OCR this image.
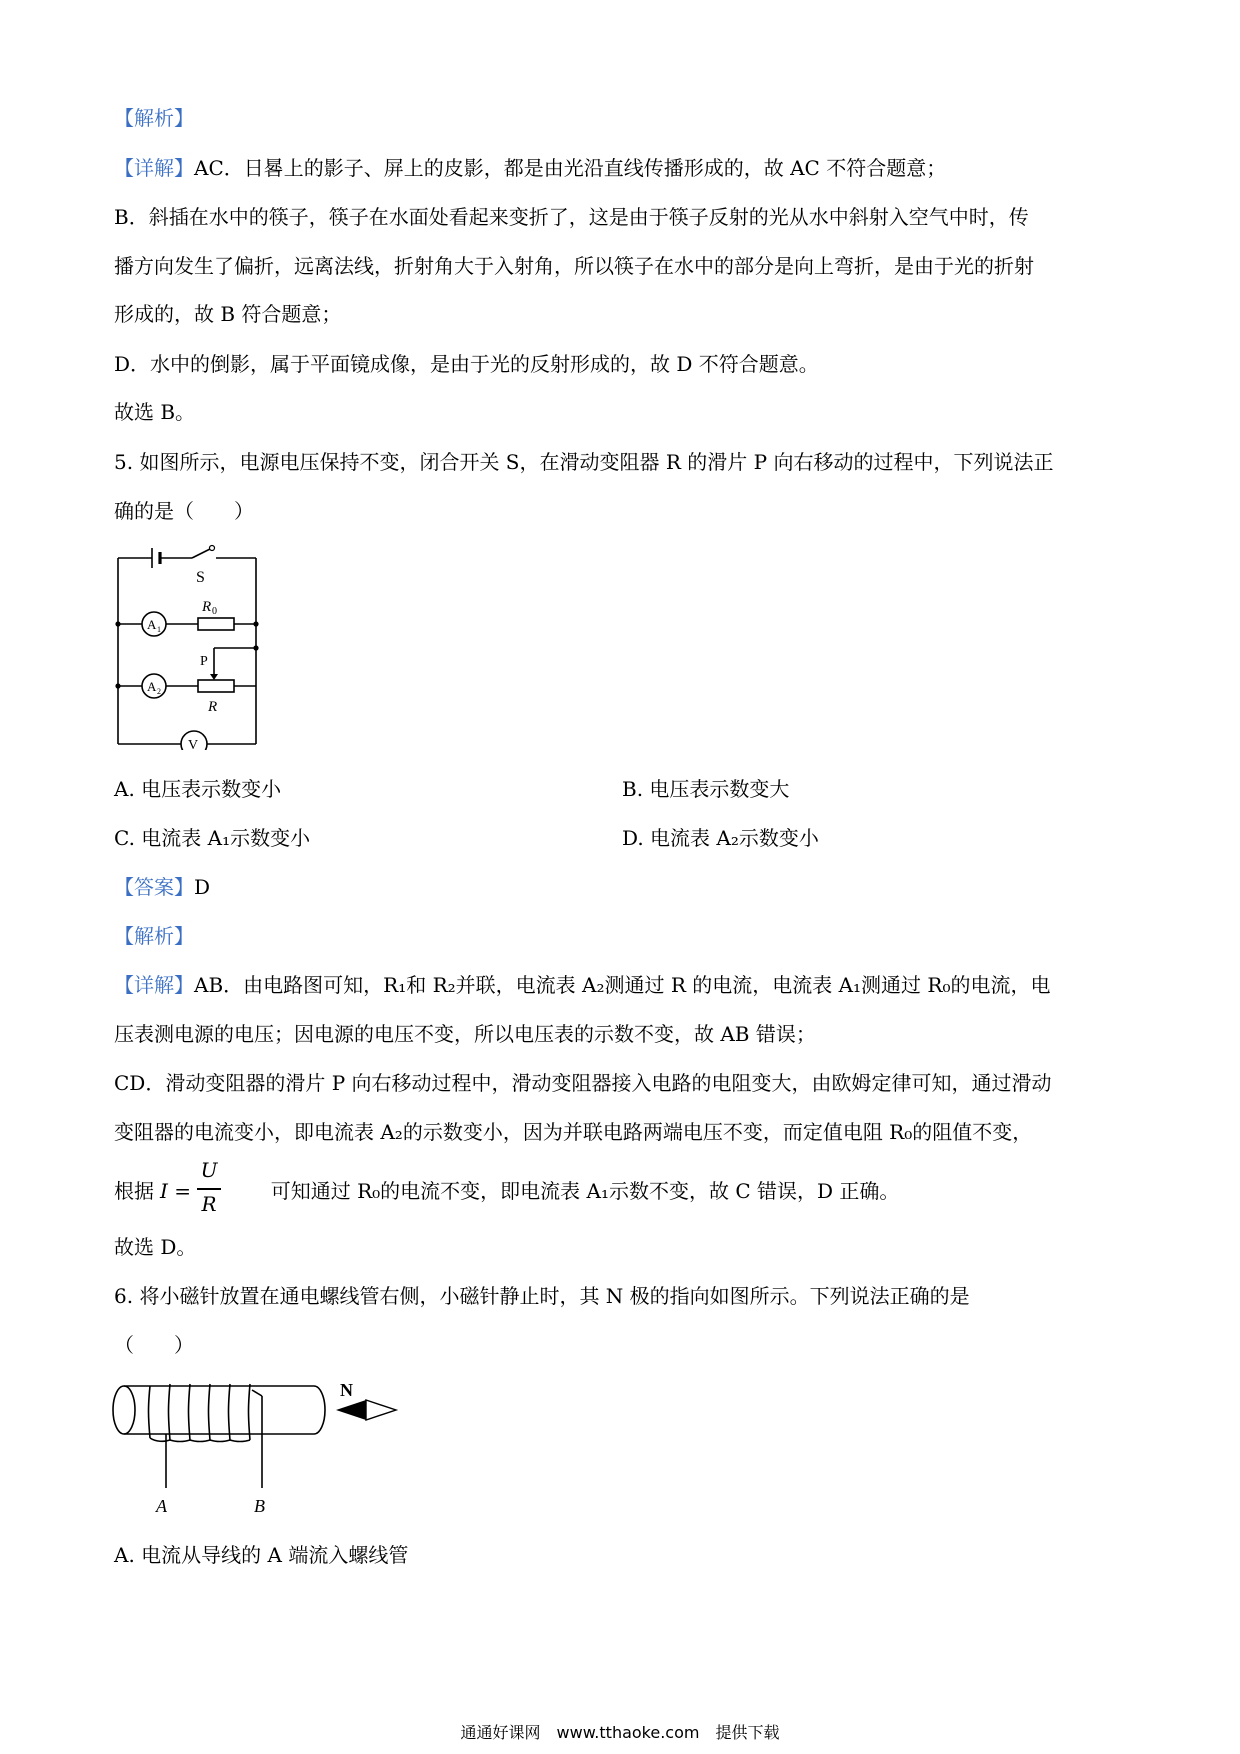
【解析】
【详解】AC．日晷上的影子、屏上的皮影，都是由光沿直线传播形成的，故 AC 不符合题意；
B．斜插在水中的筷子，筷子在水面处看起来变折了，这是由于筷子反射的光从水中斜射入空气中时，传
播方向发生了偏折，远离法线，折射角大于入射角，所以筷子在水中的部分是向上弯折，是由于光的折射
形成的，故 B 符合题意；
D．水中的倒影，属于平面镜成像，是由于光的反射形成的，故 D 不符合题意。
故选 B。
5. 如图所示，电源电压保持不变，闭合开关 S，在滑动变阻器 R 的滑片 P 向右移动的过程中，下列说法正
确的是（　　）
S
R 0
A 1
A 2
P
R
V
A. 电压表示数变小	B. 电压表示数变大
C. 电流表 A₁示数变小	D. 电流表 A₂示数变小
【答案】D
【解析】
【详解】AB．由电路图可知，R₁和 R₂并联，电流表 A₂测通过 R 的电流，电流表 A₁测通过 R₀的电流，电
压表测电源的电压；因电源的电压不变，所以电压表的示数不变，故 AB 错误；
CD．滑动变阻器的滑片 P 向右移动过程中，滑动变阻器接入电路的电阻变大，由欧姆定律可知，通过滑动
变阻器的电流变小，即电流表 A₂的示数变小，因为并联电路两端电压不变，而定值电阻 R₀的阻值不变，
根据	可知通过 R₀的电流不变，即电流表 A₁示数不变，故 C 错误，D 正确。
I =
U
R
故选 D。
6. 将小磁针放置在通电螺线管右侧，小磁针静止时，其 N 极的指向如图所示。下列说法正确的是
（　　）
N
A	B
A. 电流从导线的 A 端流入螺线管
通通好课网　www.tthaoke.com　提供下载
